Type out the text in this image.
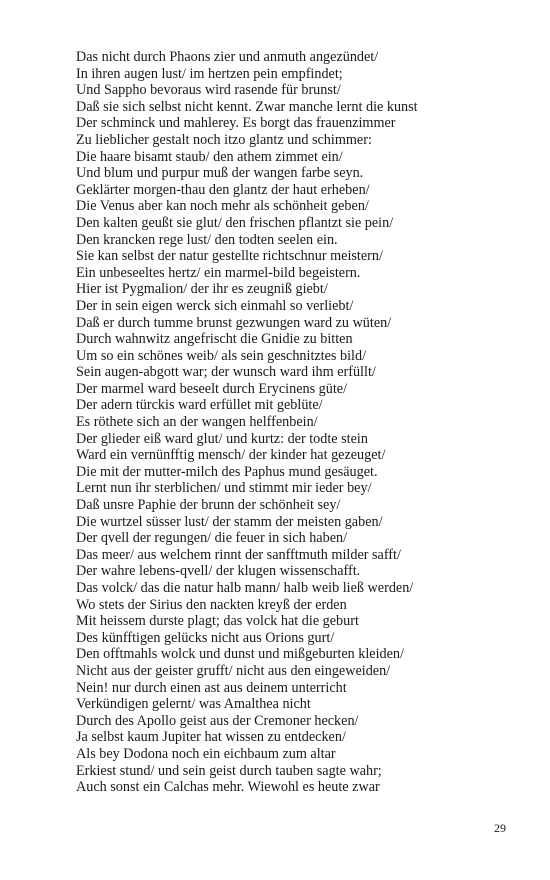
Das nicht durch Phaons zier und anmuth angezündet/
In ihren augen lust/ im hertzen pein empfindet;
Und Sappho bevoraus wird rasende für brunst/
Daß sie sich selbst nicht kennt. Zwar manche lernt die kunst
Der schminck und mahlerey. Es borgt das frauenzimmer
Zu lieblicher gestalt noch itzo glantz und schimmer:
Die haare bisamt staub/ den athem zimmet ein/
Und blum und purpur muß der wangen farbe seyn.
Geklärter morgen-thau den glantz der haut erheben/
Die Venus aber kan noch mehr als schönheit geben/
Den kalten geußt sie glut/ den frischen pflantzt sie pein/
Den krancken rege lust/ den todten seelen ein.
Sie kan selbst der natur gestellte richtschnur meistern/
Ein unbeseeltes hertz/ ein marmel-bild begeistern.
Hier ist Pygmalion/ der ihr es zeugniß giebt/
Der in sein eigen werck sich einmahl so verliebt/
Daß er durch tumme brunst gezwungen ward zu wüten/
Durch wahnwitz angefrischt die Gnidie zu bitten
Um so ein schönes weib/ als sein geschnitztes bild/
Sein augen-abgott war; der wunsch ward ihm erfüllt/
Der marmel ward beseelt durch Erycinens güte/
Der adern türckis ward erfüllet mit geblüte/
Es röthete sich an der wangen helffenbein/
Der glieder eiß ward glut/ und kurtz: der todte stein
Ward ein vernünfftig mensch/ der kinder hat gezeuget/
Die mit der mutter-milch des Paphus mund gesäuget.
Lernt nun ihr sterblichen/ und stimmt mir ieder bey/
Daß unsre Paphie der brunn der schönheit sey/
Die wurtzel süsser lust/ der stamm der meisten gaben/
Der qvell der regungen/ die feuer in sich haben/
Das meer/ aus welchem rinnt der sanfftmuth milder safft/
Der wahre lebens-qvell/ der klugen wissenschafft.
Das volck/ das die natur halb mann/ halb weib ließ werden/
Wo stets der Sirius den nackten kreyß der erden
Mit heissem durste plagt; das volck hat die geburt
Des künfftigen gelücks nicht aus Orions gurt/
Den offtmahls wolck und dunst und mißgeburten kleiden/
Nicht aus der geister grufft/ nicht aus den eingeweiden/
Nein! nur durch einen ast aus deinem unterricht
Verkündigen gelernt/ was Amalthea nicht
Durch des Apollo geist aus der Cremoner hecken/
Ja selbst kaum Jupiter hat wissen zu entdecken/
Als bey Dodona noch ein eichbaum zum altar
Erkiest stund/ und sein geist durch tauben sagte wahr;
Auch sonst ein Calchas mehr. Wiewohl es heute zwar
29
